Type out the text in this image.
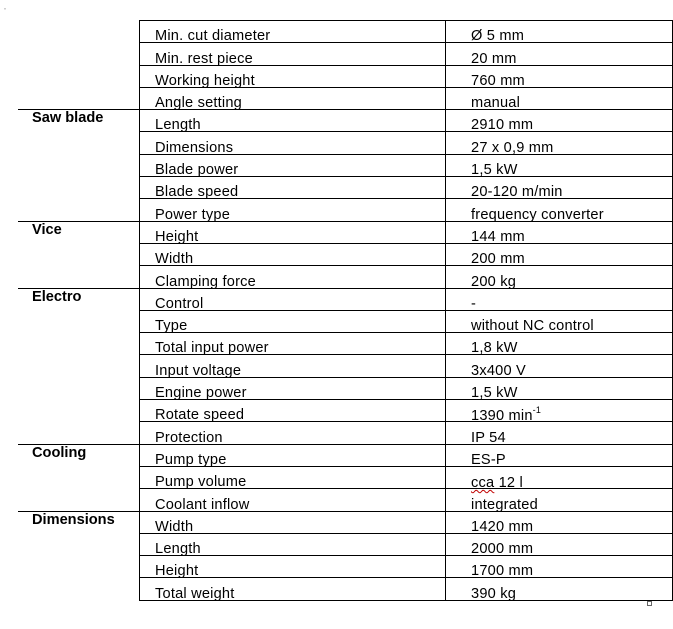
˳
	Min. cut diameter	Ø 5 mm
	Min. rest piece	20 mm
	Working height	760 mm
	Angle setting	manual
Saw blade	Length	2910 mm
	Dimensions	27 x 0,9 mm
	Blade power	1,5 kW
	Blade speed	20-120 m/min
	Power type	frequency converter
Vice	Height	144 mm
	Width	200 mm
	Clamping force	200 kg
Electro	Control	-
	Type	without NC control
	Total input power	1,8 kW
	Input voltage	3x400 V
	Engine power	1,5 kW
	Rotate speed	1390 $\min^{-1}$
	Protection	IP 54
Cooling	Pump type	ES-P
	Pump volume	cca 12 l
	Coolant inflow	integrated
Dimensions	Width	1420 mm
	Length	2000 mm
	Height	1700 mm
	Total weight	390 kg
